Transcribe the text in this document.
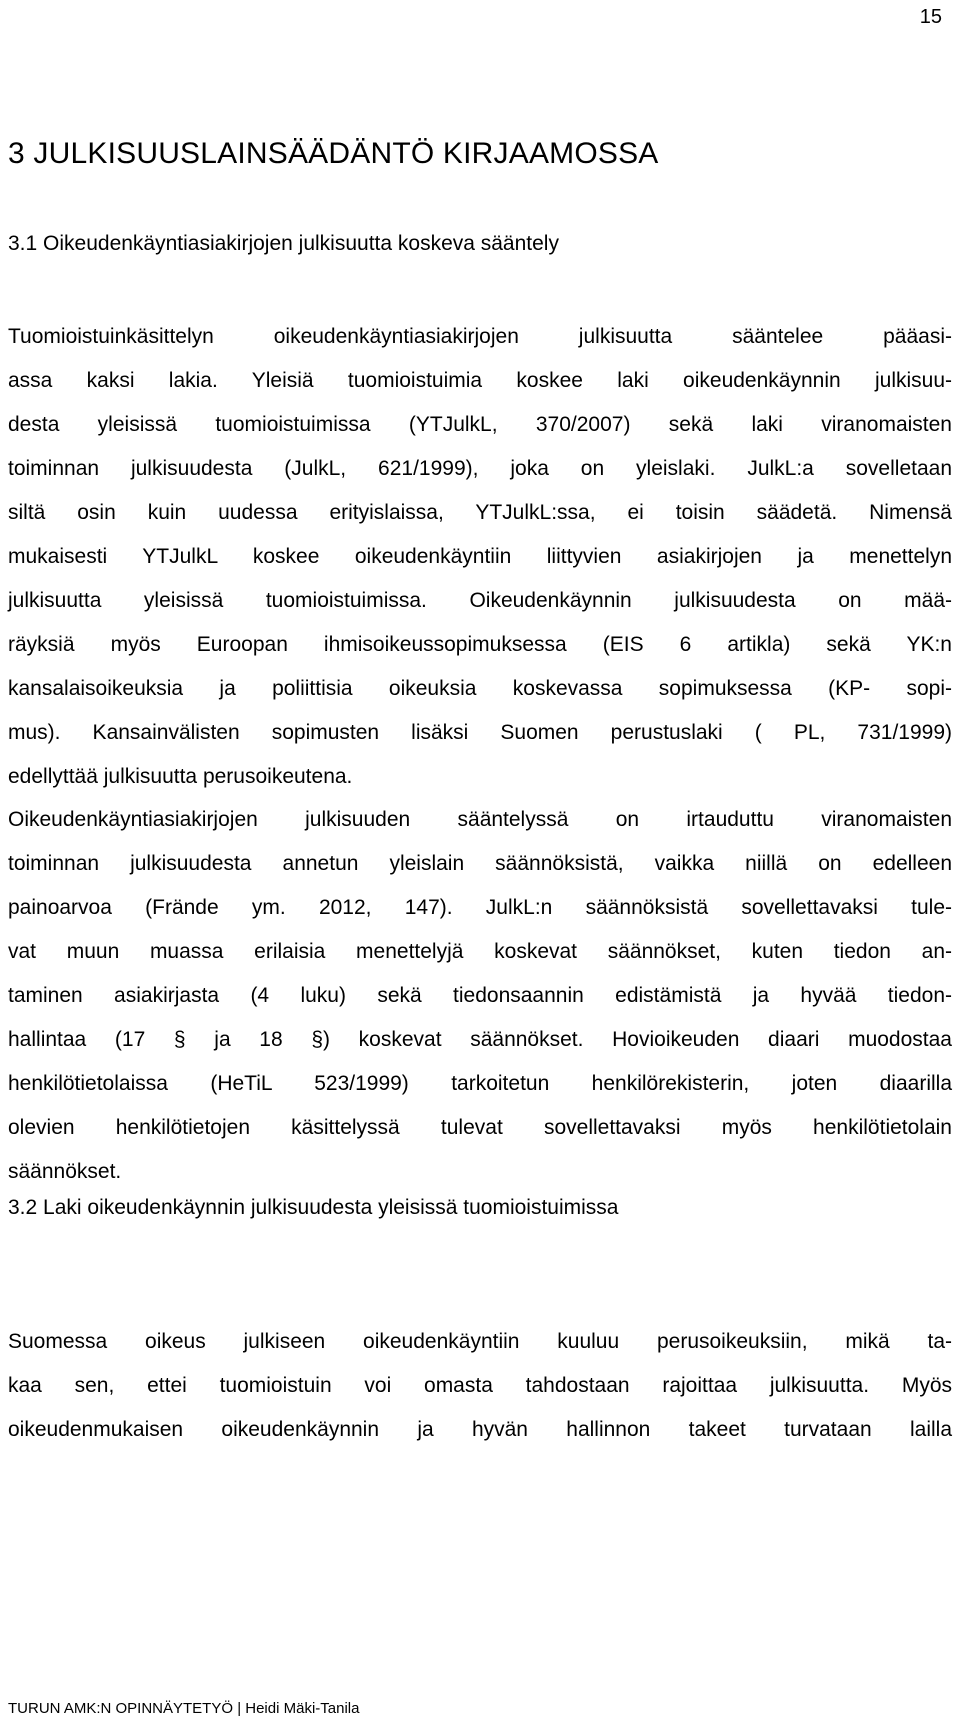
15
3 JULKISUUSLAINSÄÄDÄNTÖ KIRJAAMOSSA
3.1 Oikeudenkäyntiasiakirjojen julkisuutta koskeva sääntely
Tuomioistuinkäsittelyn oikeudenkäyntiasiakirjojen julkisuutta sääntelee pääasi-
assa kaksi lakia. Yleisiä tuomioistuimia koskee laki oikeudenkäynnin julkisuu-
desta yleisissä tuomioistuimissa (YTJulkL, 370/2007) sekä laki viranomaisten
toiminnan julkisuudesta (JulkL, 621/1999), joka on yleislaki. JulkL:a sovelletaan
siltä osin kuin uudessa erityislaissa, YTJulkL:ssa, ei toisin säädetä. Nimensä
mukaisesti YTJulkL koskee oikeudenkäyntiin liittyvien asiakirjojen ja menettelyn
julkisuutta yleisissä tuomioistuimissa. Oikeudenkäynnin julkisuudesta on mää-
räyksiä myös Euroopan ihmisoikeussopimuksessa (EIS 6 artikla) sekä YK:n
kansalaisoikeuksia ja poliittisia oikeuksia koskevassa sopimuksessa (KP- sopi-
mus). Kansainvälisten sopimusten lisäksi Suomen perustuslaki ( PL, 731/1999)
edellyttää julkisuutta perusoikeutena.
Oikeudenkäyntiasiakirjojen julkisuuden sääntelyssä on irtauduttu viranomaisten
toiminnan julkisuudesta annetun yleislain säännöksistä, vaikka niillä on edelleen
painoarvoa (Frände ym. 2012, 147). JulkL:n säännöksistä sovellettavaksi tule-
vat muun muassa erilaisia menettelyjä koskevat säännökset, kuten tiedon an-
taminen asiakirjasta (4 luku) sekä tiedonsaannin edistämistä ja hyvää tiedon-
hallintaa (17 § ja 18 §) koskevat säännökset. Hovioikeuden diaari muodostaa
henkilötietolaissa (HeTiL 523/1999) tarkoitetun henkilörekisterin, joten diaarilla
olevien henkilötietojen käsittelyssä tulevat sovellettavaksi myös henkilötietolain
säännökset.
3.2 Laki oikeudenkäynnin julkisuudesta yleisissä tuomioistuimissa
Suomessa oikeus julkiseen oikeudenkäyntiin kuuluu perusoikeuksiin, mikä ta-
kaa sen, ettei tuomioistuin voi omasta tahdostaan rajoittaa julkisuutta. Myös
oikeudenmukaisen oikeudenkäynnin ja hyvän hallinnon takeet turvataan lailla
TURUN AMK:N OPINNÄYTETYÖ | Heidi Mäki-Tanila
